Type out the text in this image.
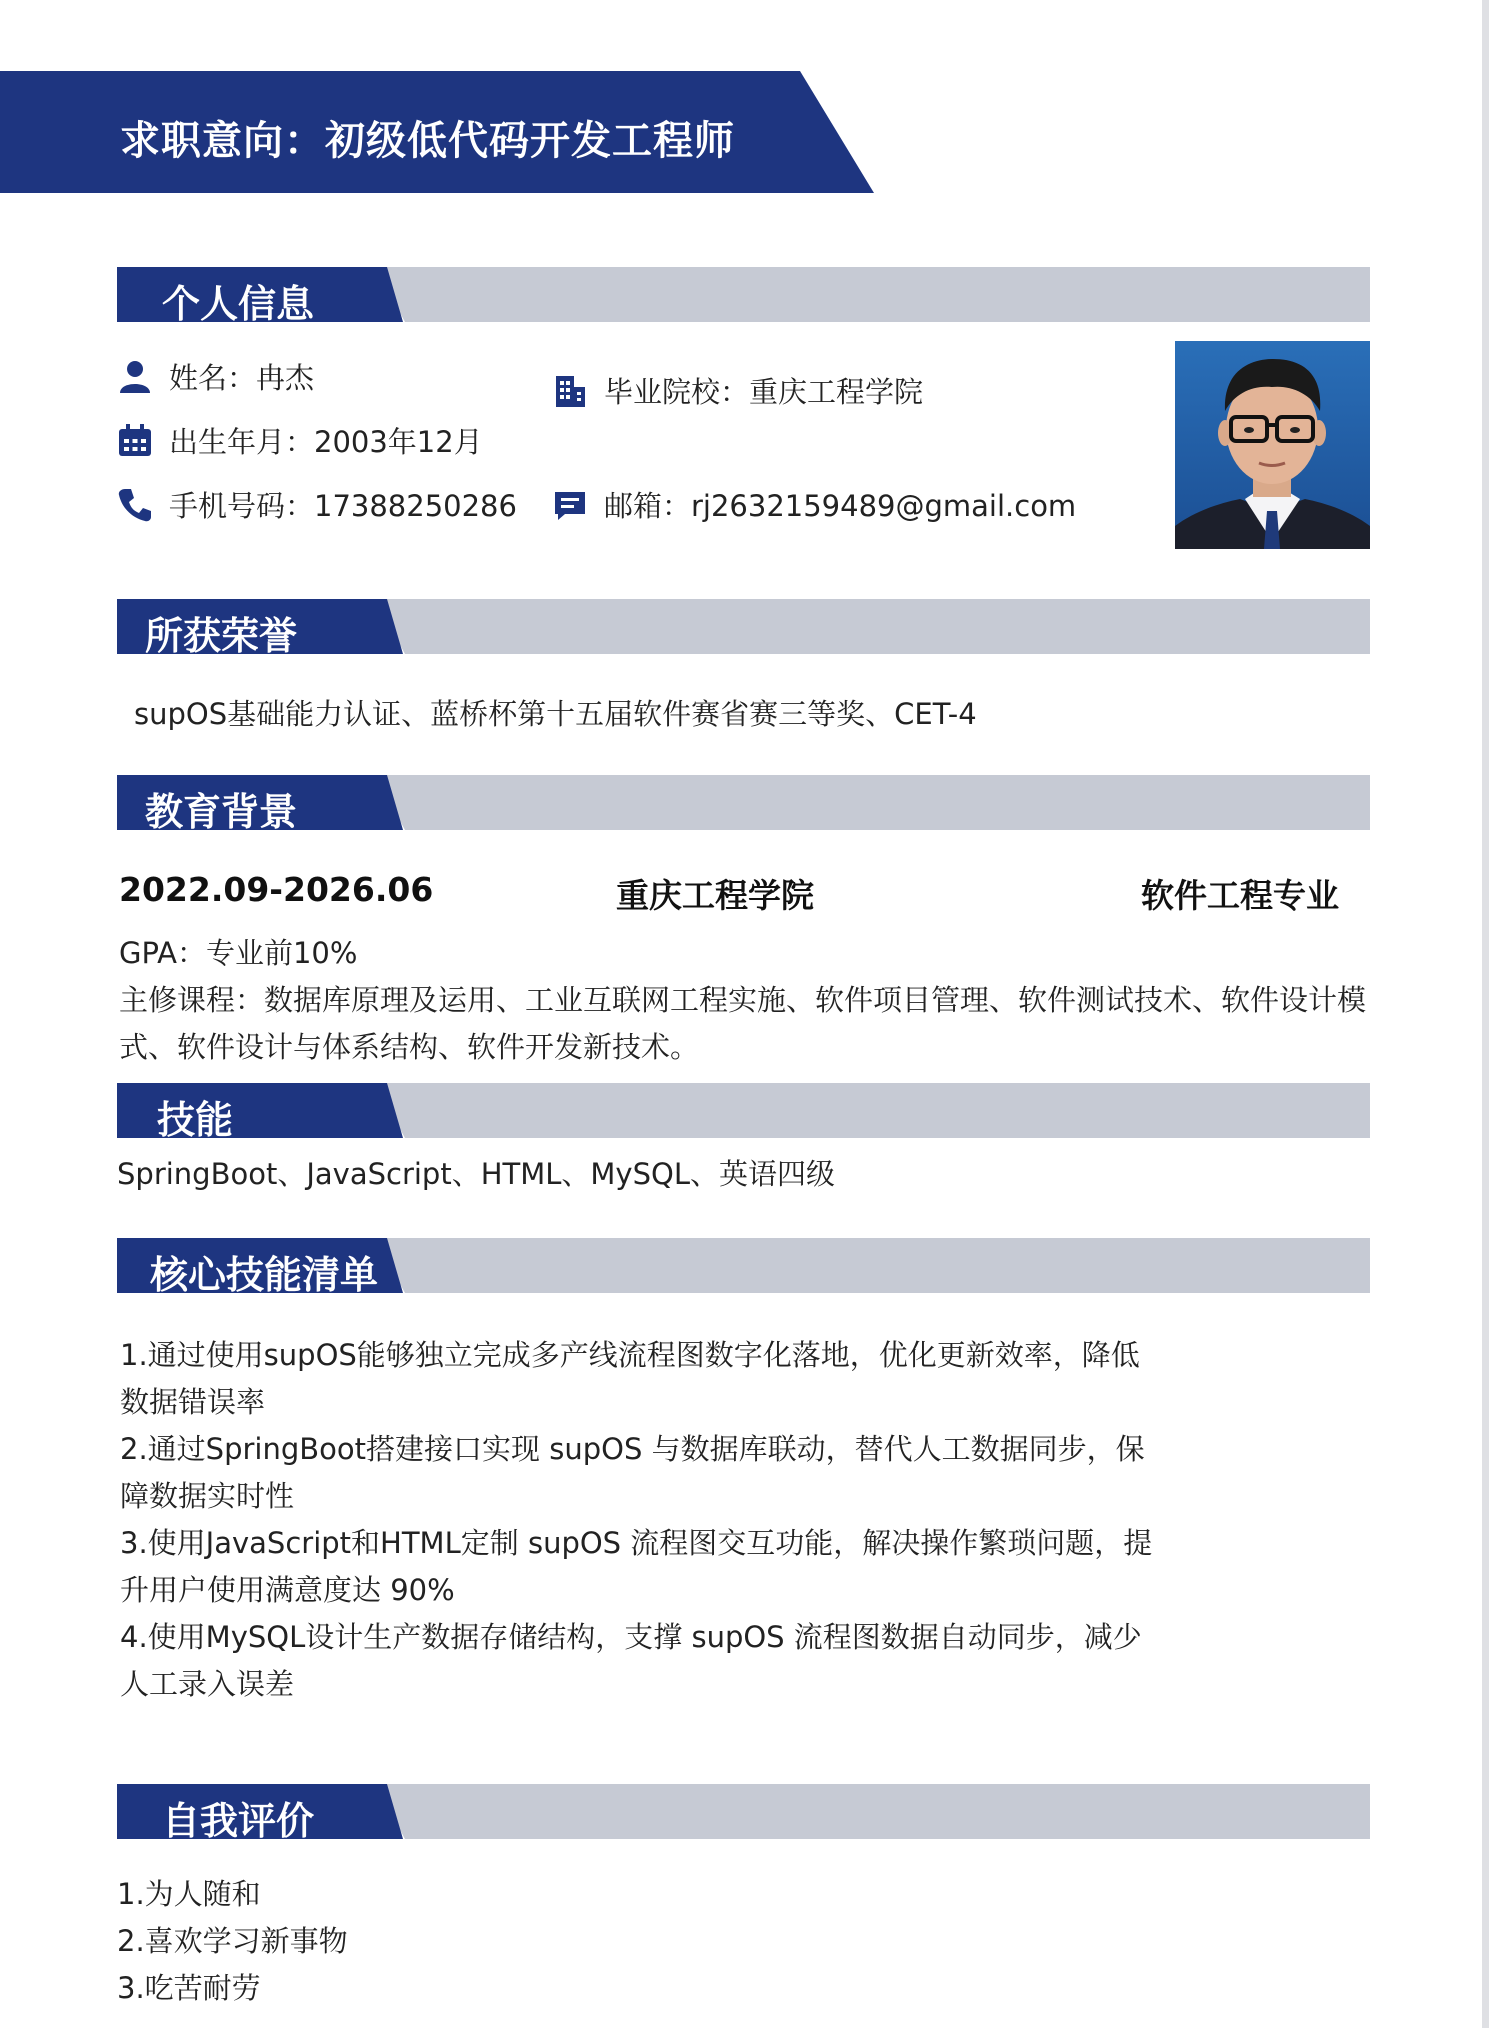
求职意向：初级低代码开发工程师
个人信息
姓名：冉杰
出生年月：2003年12月
手机号码：17388250286
毕业院校：重庆工程学院
邮箱：rj2632159489@gmail.com
所获荣誉
supOS基础能力认证、蓝桥杯第十五届软件赛省赛三等奖、CET-4
教育背景
2022.09-2026.06	重庆工程学院	软件工程专业
GPA：专业前10%
主修课程：数据库原理及运用、工业互联网工程实施、软件项目管理、软件测试技术、软件设计模
式、软件设计与体系结构、软件开发新技术。
技能
SpringBoot、JavaScript、HTML、MySQL、英语四级
核心技能清单
1.通过使用supOS能够独立完成多产线流程图数字化落地，优化更新效率，降低
数据错误率
2.通过SpringBoot搭建接口实现 supOS 与数据库联动，替代人工数据同步，保
障数据实时性
3.使用JavaScript和HTML定制 supOS 流程图交互功能，解决操作繁琐问题，提
升用户使用满意度达 90%
4.使用MySQL设计生产数据存储结构，支撑 supOS 流程图数据自动同步，减少
人工录入误差
自我评价
1.为人随和
2.喜欢学习新事物
3.吃苦耐劳
